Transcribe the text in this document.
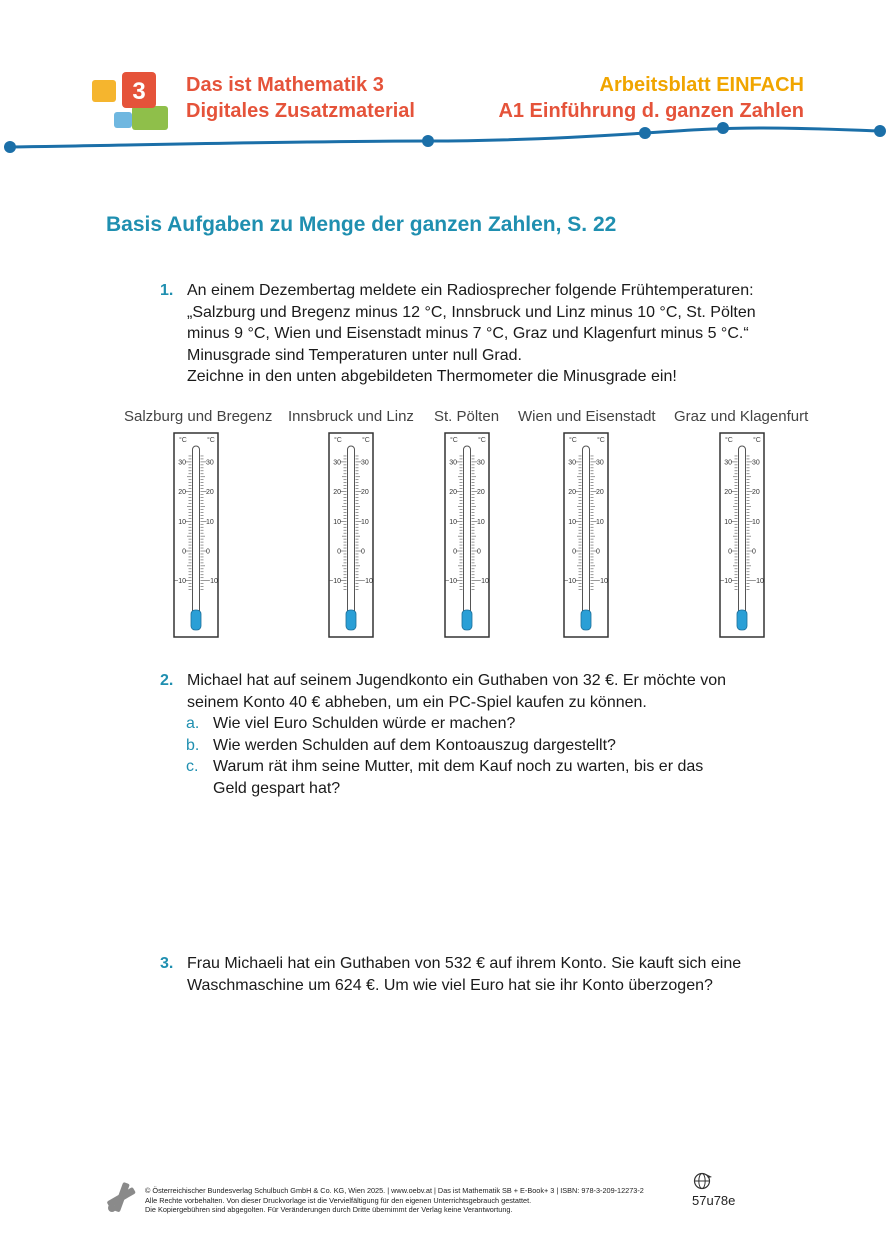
3 Das ist Mathematik 3
Digitales Zusatzmaterial
Arbeitsblatt EINFACH
A1 Einführung d. ganzen Zahlen
Basis Aufgaben zu Menge der ganzen Zahlen, S. 22
1. An einem Dezembertag meldete ein Radiosprecher folgende Frühtemperaturen:
„Salzburg und Bregenz minus 12 °C, Innsbruck und Linz minus 10 °C, St. Pölten
minus 9 °C, Wien und Eisenstadt minus 7 °C, Graz und Klagenfurt minus 5 °C.“
Minusgrade sind Temperaturen unter null Grad.
Zeichne in den unten abgebildeten Thermometer die Minusgrade ein!
Salzburg und Bregenz Innsbruck und Linz St. Pölten Wien und Eisenstadt Graz und Klagenfurt
°C	°C
30	30
20	20
10	10
0	0
−10	−10
°C	°C
30	30
20	20
10	10
0	0
−10	−10
°C	°C
30	30
20	20
10	10
0	0
−10	−10
°C	°C
30	30
20	20
10	10
0	0
−10	−10
°C	°C
30	30
20	20
10	10
0	0
−10	−10
2. Michael hat auf seinem Jugendkonto ein Guthaben von 32 €. Er möchte von
seinem Konto 40 € abheben, um ein PC-Spiel kaufen zu können.
a. Wie viel Euro Schulden würde er machen?
b. Wie werden Schulden auf dem Kontoauszug dargestellt?
c. Warum rät ihm seine Mutter, mit dem Kauf noch zu warten, bis er das Geld gespart hat?
3. Frau Michaeli hat ein Guthaben von 532 € auf ihrem Konto. Sie kauft sich eine
Waschmaschine um 624 €. Um wie viel Euro hat sie ihr Konto überzogen?
© Österreichischer Bundesverlag Schulbuch GmbH & Co. KG, Wien 2025. | www.oebv.at | Das ist Mathematik SB + E-Book+ 3 | ISBN: 978-3-209-12273-2
Alle Rechte vorbehalten. Von dieser Druckvorlage ist die Vervielfältigung für den eigenen Unterrichtsgebrauch gestattet.
Die Kopiergebühren sind abgegolten. Für Veränderungen durch Dritte übernimmt der Verlag keine Verantwortung.
57u78e
